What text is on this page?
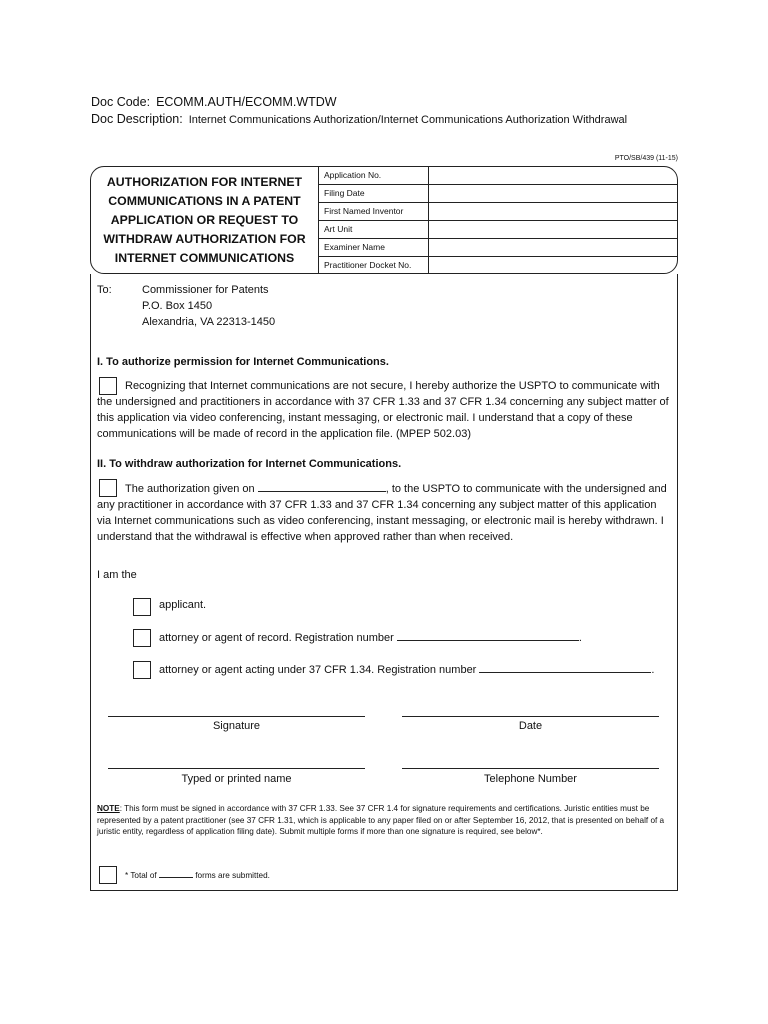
Doc Code: ECOMM.AUTH/ECOMM.WTDW
Doc Description: Internet Communications Authorization/Internet Communications Authorization Withdrawal
PTO/SB/439 (11-15)
AUTHORIZATION FOR INTERNET COMMUNICATIONS IN A PATENT APPLICATION OR REQUEST TO WITHDRAW AUTHORIZATION FOR INTERNET COMMUNICATIONS
Application No.
Filing Date
First Named Inventor
Art Unit
Examiner Name
Practitioner Docket No.
To:	Commissioner for Patents
P.O. Box 1450
Alexandria, VA 22313-1450
I. To authorize permission for Internet Communications.
Recognizing that Internet communications are not secure, I hereby authorize the USPTO to communicate with the undersigned and practitioners in accordance with 37 CFR 1.33 and 37 CFR 1.34 concerning any subject matter of this application via video conferencing, instant messaging, or electronic mail. I understand that a copy of these communications will be made of record in the application file. (MPEP 502.03)
II. To withdraw authorization for Internet Communications.
The authorization given on	, to the USPTO to communicate with the undersigned and any practitioner in accordance with 37 CFR 1.33 and 37 CFR 1.34 concerning any subject matter of this application via Internet communications such as video conferencing, instant messaging, or electronic mail is hereby withdrawn. I understand that the withdrawal is effective when approved rather than when received.
I am the
applicant.
attorney or agent of record. Registration number	.
attorney or agent acting under 37 CFR 1.34. Registration number	.
Signature	Date
Typed or printed name	Telephone Number
NOTE: This form must be signed in accordance with 37 CFR 1.33. See 37 CFR 1.4 for signature requirements and certifications. Juristic entities must be represented by a patent practitioner (see 37 CFR 1.31, which is applicable to any paper filed on or after September 16, 2012, that is presented on behalf of a juristic entity, regardless of application filing date). Submit multiple forms if more than one signature is required, see below*.
* Total of	forms are submitted.
